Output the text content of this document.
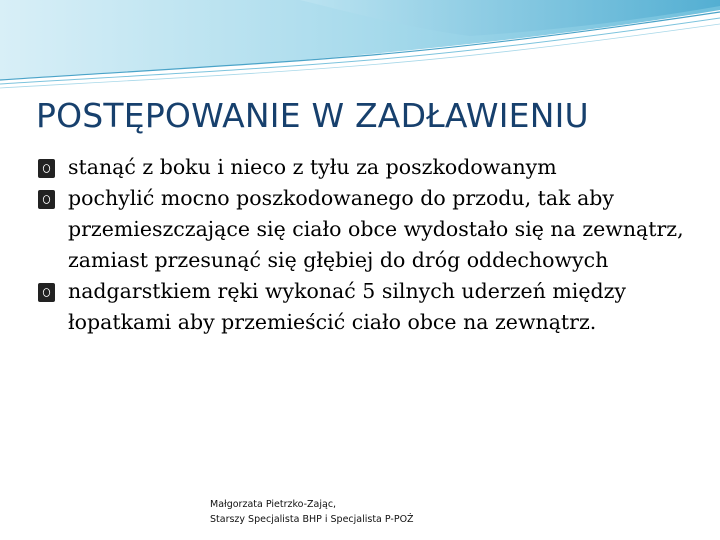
POSTĘPOWANIE W ZADŁAWIENIU
stanąć z boku i nieco z tyłu za poszkodowanym
pochylić mocno poszkodowanego do przodu, tak aby przemieszczające się ciało obce wydostało się na zewnątrz, zamiast przesunąć się głębiej do dróg oddechowych
nadgarstkiem ręki wykonać 5 silnych uderzeń między łopatkami aby przemieścić ciało obce na zewnątrz.
Małgorzata Pietrzko-Zając,
Starszy Specjalista BHP i Specjalista P-POŻ
